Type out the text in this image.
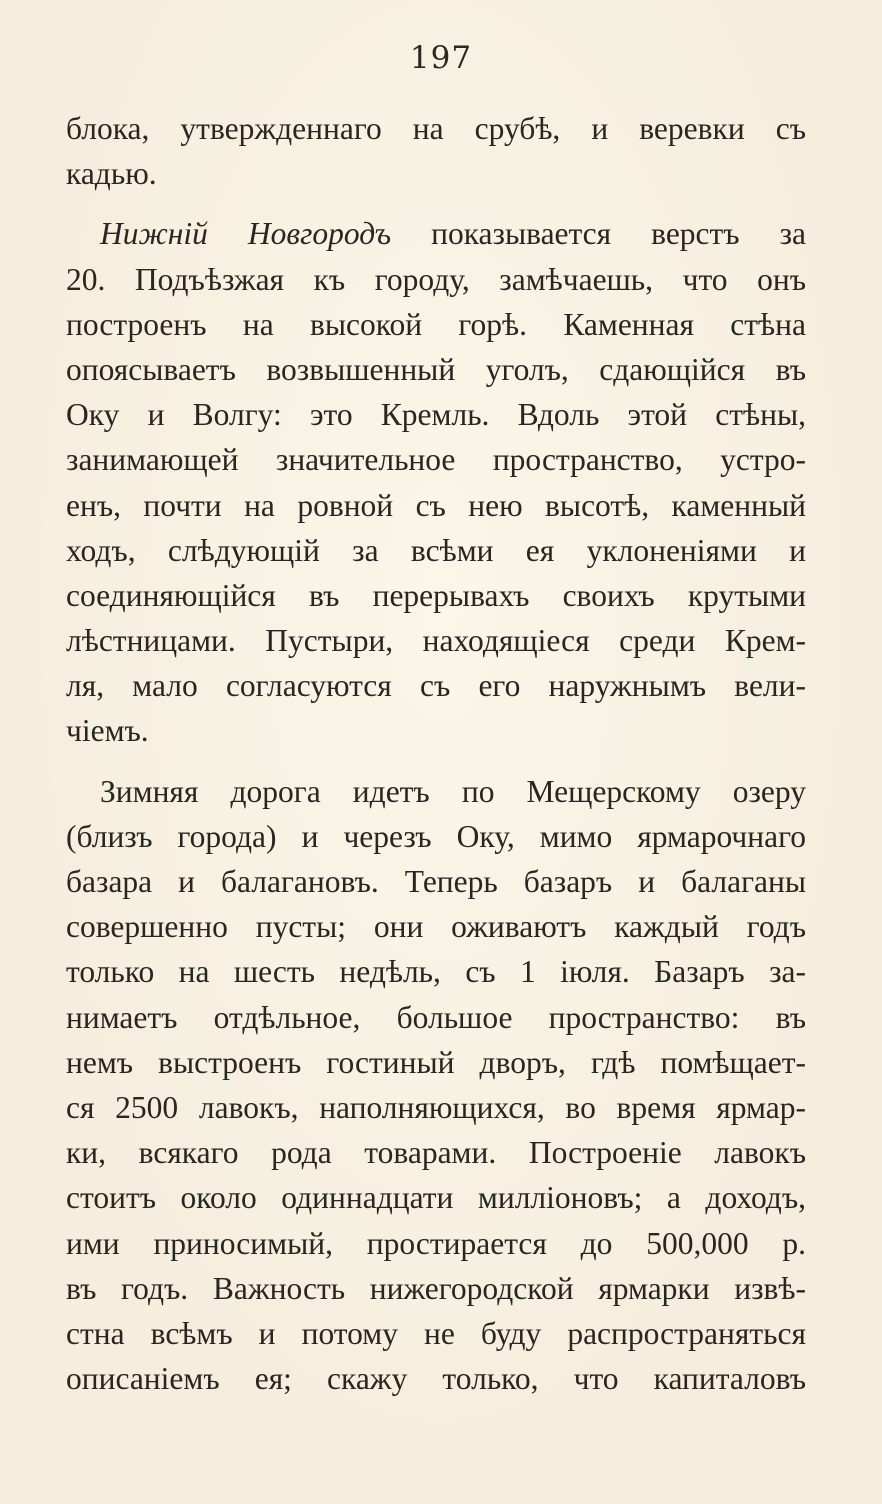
197
блока, утвержденнаго на срубѣ, и веревки съ
кадью.
Нижній Новгородъ показывается верстъ за
20. Подъѣзжая къ городу, замѣчаешь, что онъ
построенъ на высокой горѣ. Каменная стѣна
опоясываетъ возвышенный уголъ, сдающійся въ
Оку и Волгу: это Кремль. Вдоль этой стѣны,
занимающей значительное пространство, устро-
енъ, почти на ровной съ нею высотѣ, каменный
ходъ, слѣдующій за всѣми ея уклоненіями и
соединяющійся въ перерывахъ своихъ крутыми
лѣстницами. Пустыри, находящіеся среди Крем-
ля, мало согласуются съ его наружнымъ вели-
чіемъ.
Зимняя дорога идетъ по Мещерскому озеру
(близъ города) и черезъ Оку, мимо ярмарочнаго
базара и балагановъ. Теперь базаръ и балаганы
совершенно пусты; они оживаютъ каждый годъ
только на шесть недѣль, съ 1 іюля. Базаръ за-
нимаетъ отдѣльное, большое пространство: въ
немъ выстроенъ гостиный дворъ, гдѣ помѣщает-
ся 2500 лавокъ, наполняющихся, во время ярмар-
ки, всякаго рода товарами. Построеніе лавокъ
стоитъ около одиннадцати милліоновъ; а доходъ,
ими приносимый, простирается до 500,000 р.
въ годъ. Важность нижегородской ярмарки извѣ-
стна всѣмъ и потому не буду распространяться
описаніемъ ея; скажу только, что капиталовъ
